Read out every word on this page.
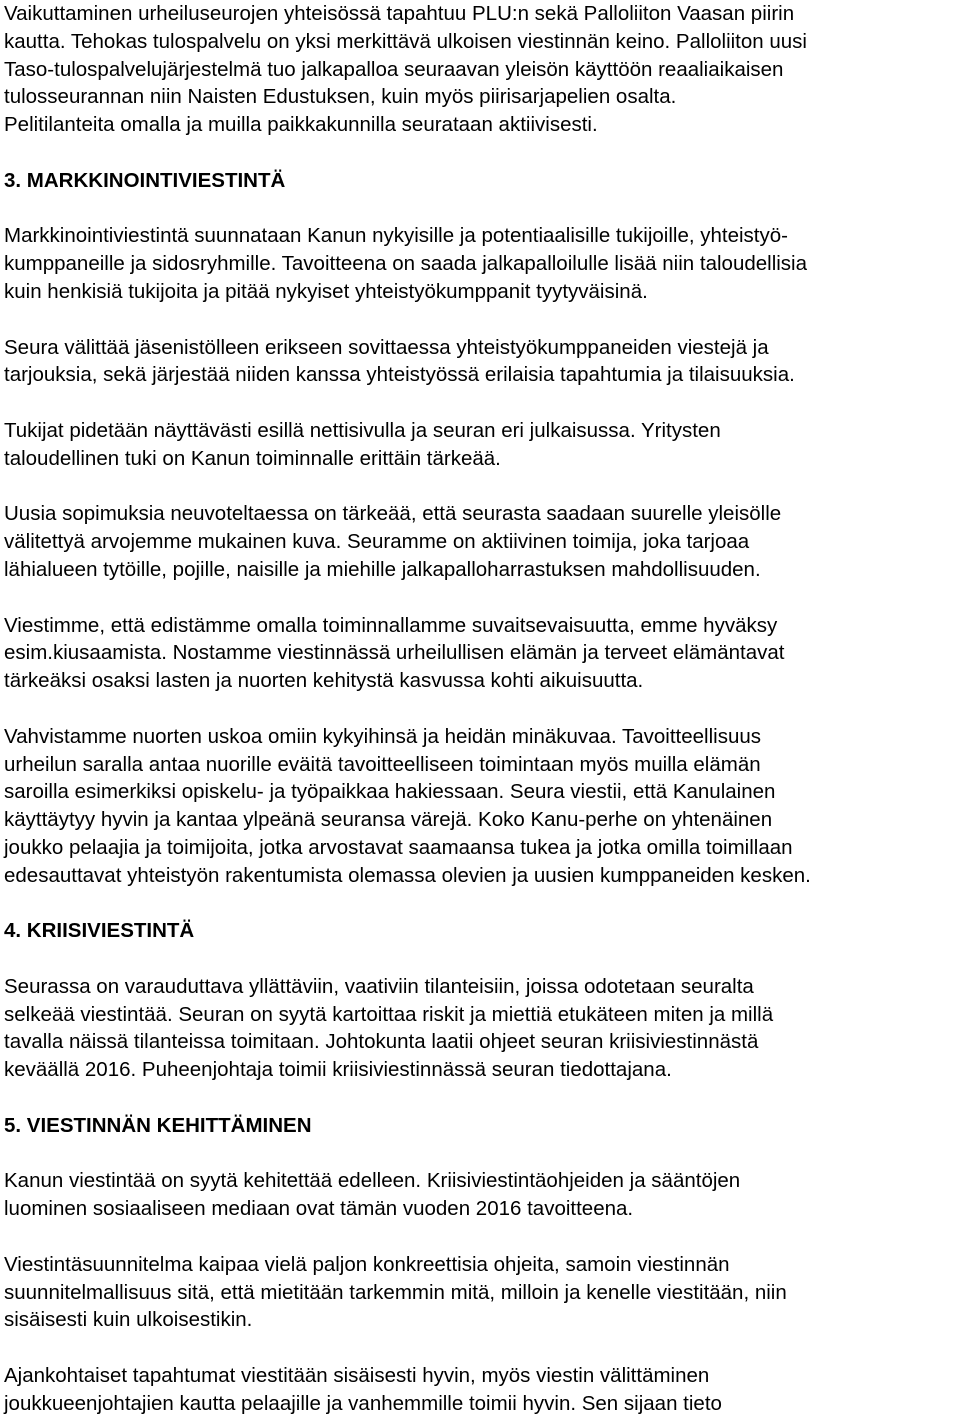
Vaikuttaminen urheiluseurojen yhteisössä tapahtuu PLU:n sekä Palloliiton Vaasan piirin
kautta. Tehokas tulospalvelu on yksi merkittävä ulkoisen viestinnän keino. Palloliiton uusi
Taso-tulospalvelujärjestelmä tuo jalkapalloa seuraavan yleisön käyttöön reaaliaikaisen
tulosseurannan niin Naisten Edustuksen, kuin myös piirisarjapelien osalta.
Pelitilanteita omalla ja muilla paikkakunnilla seurataan aktiivisesti.

3. MARKKINOINTIVIESTINTÄ

Markkinointiviestintä suunnataan Kanun nykyisille ja potentiaalisille tukijoille, yhteistyö-
kumppaneille ja sidosryhmille. Tavoitteena on saada jalkapalloilulle lisää niin taloudellisia
kuin henkisiä tukijoita ja pitää nykyiset yhteistyökumppanit tyytyväisinä.

Seura välittää jäsenistölleen erikseen sovittaessa yhteistyökumppaneiden viestejä ja
tarjouksia, sekä järjestää niiden kanssa yhteistyössä erilaisia tapahtumia ja tilaisuuksia.

Tukijat pidetään näyttävästi esillä nettisivulla ja seuran eri julkaisussa. Yritysten
taloudellinen tuki on Kanun toiminnalle erittäin tärkeää.

Uusia sopimuksia neuvoteltaessa on tärkeää, että seurasta saadaan suurelle yleisölle
välitettyä arvojemme mukainen kuva. Seuramme on aktiivinen toimija, joka tarjoaa
lähialueen tytöille, pojille, naisille ja miehille jalkapalloharrastuksen mahdollisuuden.

Viestimme, että edistämme omalla toiminnallamme suvaitsevaisuutta, emme hyväksy
esim.kiusaamista. Nostamme viestinnässä urheilullisen elämän ja terveet elämäntavat
tärkeäksi osaksi lasten ja nuorten kehitystä kasvussa kohti aikuisuutta.

Vahvistamme nuorten uskoa omiin kykyihinsä ja heidän minäkuvaa. Tavoitteellisuus
urheilun saralla antaa nuorille eväitä tavoitteelliseen toimintaan myös muilla elämän
saroilla esimerkiksi opiskelu- ja työpaikkaa hakiessaan. Seura viestii, että Kanulainen
käyttäytyy hyvin ja kantaa ylpeänä seuransa värejä. Koko Kanu-perhe on yhtenäinen
joukko pelaajia ja toimijoita, jotka arvostavat saamaansa tukea ja jotka omilla toimillaan
edesauttavat yhteistyön rakentumista olemassa olevien ja uusien kumppaneiden kesken.

4. KRIISIVIESTINTÄ

Seurassa on varauduttava yllättäviin, vaativiin tilanteisiin, joissa odotetaan seuralta
selkeää viestintää. Seuran on syytä kartoittaa riskit ja miettiä etukäteen miten ja millä
tavalla näissä tilanteissa toimitaan. Johtokunta laatii ohjeet seuran kriisiviestinnästä
keväällä 2016. Puheenjohtaja toimii kriisiviestinnässä seuran tiedottajana.

5. VIESTINNÄN KEHITTÄMINEN

Kanun viestintää on syytä kehitettää edelleen. Kriisiviestintäohjeiden ja sääntöjen
luominen sosiaaliseen mediaan ovat tämän vuoden 2016 tavoitteena.

Viestintäsuunnitelma kaipaa vielä paljon konkreettisia ohjeita, samoin viestinnän
suunnitelmallisuus sitä, että mietitään tarkemmin mitä, milloin ja kenelle viestitään, niin
sisäisesti kuin ulkoisestikin.

Ajankohtaiset tapahtumat viestitään sisäisesti hyvin, myös viestin välittäminen
joukkueenjohtajien kautta pelaajille ja vanhemmille toimii hyvin. Sen sijaan tieto
